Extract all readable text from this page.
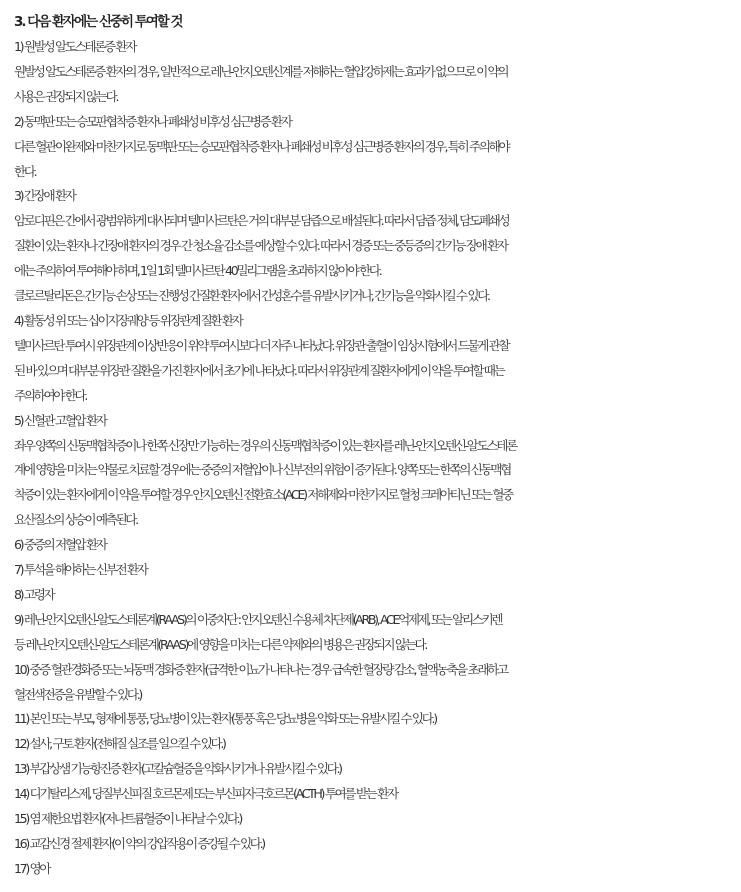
3. 다음 환자에는 신중히 투여할 것

1) 원발성 알도스테론증 환자

원발성 알도스테론증 환자의 경우, 일반적으로 레닌-안지오텐신계를 저해하는 혈압강하제는 효과가 없으므로 이 약의

사용은 권장되지 않는다.

2) 동맥판 또는 승모판협착증 환자나 폐쇄성 비후성 심근병증 환자

다른 혈관이완제와 마찬가지로 동맥판 또는 승모판협착증 환자나 폐쇄성 비후성 심근병증 환자의 경우, 특히 주의해야

한다.

3) 간장애 환자

암로디핀은 간에서 광범위하게 대사되며 텔미사르탄은 거의 대부분 담즙으로 배설된다. 따라서 담즙 정체, 담도폐쇄성

질환이 있는 환자나 간장애 환자의 경우 간 청소율 감소를 예상할 수 있다. 따라서 경증 또는 중등증의 간기능 장애 환자

에는 주의하여 투여해야 하며, 1일 1회 텔미사르탄 40밀리그램을 초과하지 않아야 한다.

클로르탈리돈은 간기능 손상 또는 진행성 간질환 환자에서 간성혼수를 유발시키거나, 간기능을 악화시킬 수 있다.

4) 활동성 위 또는 십이지장궤양 등 위장관계 질환 환자

텔미사르탄 투여시 위장관계 이상반응이 위약 투여시보다 더 자주 나타났다. 위장관 출혈이 임상시험에서 드물게 관찰

된 바 있으며 대부분 위장관 질환을 가진 환자에서 초기에 나타났다. 따라서 위장관계 질환자에게 이 약을 투여할 때는

주의하여야 한다.

5) 신혈관 고혈압 환자

좌우 양쪽의 신동맥협착증이나 한쪽 신장만 기능하는 경우의 신동맥협착증이 있는 환자를 레닌-안지오텐신-알도스테론

계에 영향을 미치는 약물로 치료할 경우에는 중증의 저혈압이나 신부전의 위험이 증가된다. 양쪽 또는 한쪽의 신동맥협

착증이 있는 환자에게 이 약을 투여할 경우 안지오텐신 전환효소(ACE) 저해제와 마찬가지로 혈청 크레아티닌 또는 혈중

요산질소의 상승이 예측된다.

6) 중증의 저혈압 환자

7) 투석을 해야하는 신부전 환자

8) 고령자

9) 레닌-안지오텐신-알도스테론계(RAAS)의 이중차단 : 안지오텐신 수용체 차단제(ARB), ACE억제제, 또는 알리스키렌

등 레닌-안지오텐신-알도스테론계(RAAS)에 영향을 미치는 다른 약제와의 병용은 권장되지 않는다.

10) 중증 혈관경화증 또는 뇌동맥 경화증 환자(급격한 이뇨가 나타나는 경우 급속한 혈장량 감소, 혈액농축을 초래하고

혈전색전증을 유발할 수 있다.)

11) 본인 또는 부모, 형제에 통풍, 당뇨병이 있는 환자(통풍 혹은 당뇨병을 악화 또는 유발시킬 수 있다.)

12) 설사, 구토 환자(전해질 실조를 일으킬 수 있다.)

13) 부갑상샘 기능항진증 환자(고칼슘혈증을 악화시키거나 유발시킬 수 있다.)

14) 디기탈리스제, 당질부신피질 호르몬제 또는 부신피자극호르몬(ACTH) 투여를 받는 환자

15) 염 제한요법 환자(저나트륨혈증이 나타날 수 있다.)

16) 교감신경 절제 환자(이 약의 강압작용이 증강될 수 있다.)

17) 영아
